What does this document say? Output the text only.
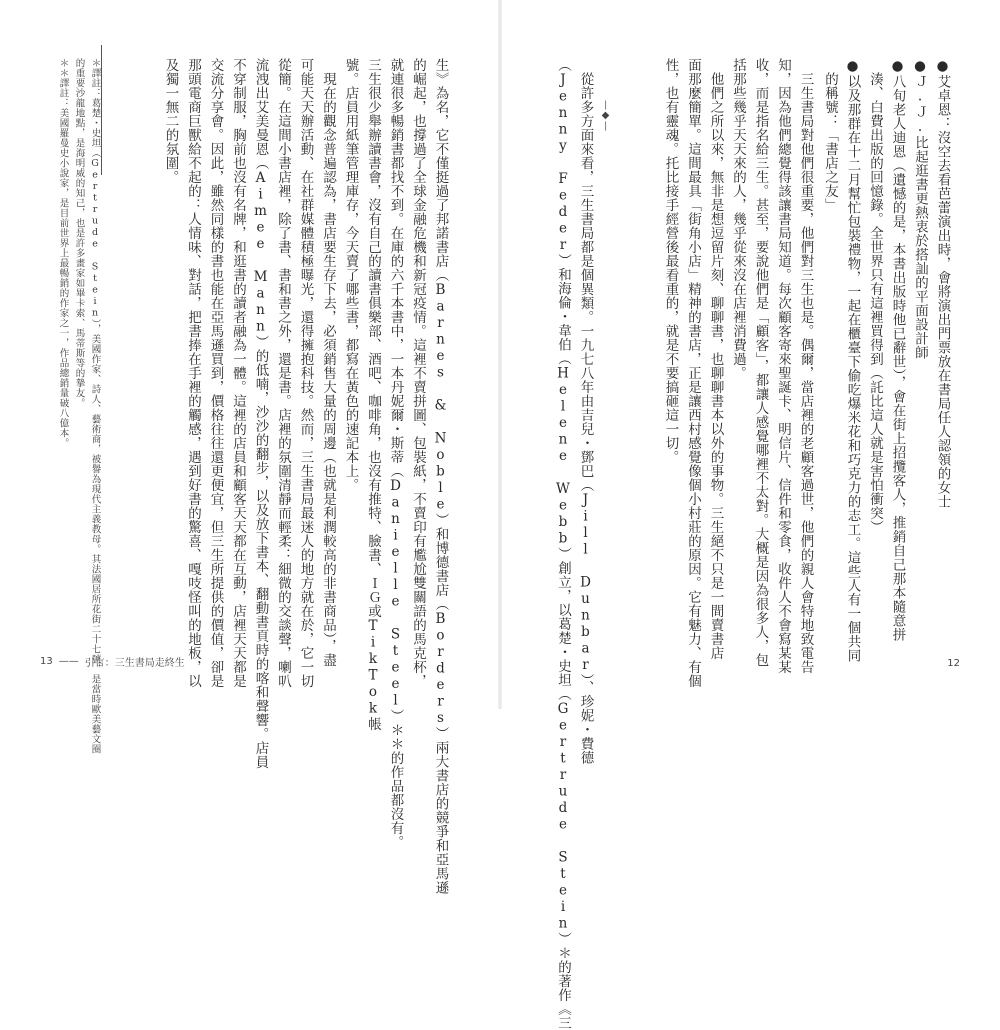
●艾卓恩：沒空去看芭蕾演出時，會將演出門票放在書局任人認領的女士
●Ｊ.Ｊ.比起逛書更熱衷於搭訕的平面設計師
●八旬老人迪恩（遺憾的是，本書出版時他已辭世），會在街上招攬客人，推銷自己那本隨意拼
　湊、白費出版的回憶錄。全世界只有這裡買得到（託比這人就是害怕衝突）
●以及那群在十二月幫忙包裝禮物，一起在櫃臺下偷吃爆米花和巧克力的志工。這些人有一個共同
　的稱號：「書店之友」
　三生書局對他們很重要，他們對三生也是。偶爾，當店裡的老顧客過世，他們的親人會特地致電告
知，因為他們總覺得該讓書局知道。每次顧客寄來聖誕卡、明信片、信件和零食，收件人不會寫某某
收，而是指名給三生。甚至，要說他們是「顧客」，都讓人感覺哪裡不太對。大概是因為很多人，包
括那些幾乎天天來的人，幾乎從來沒在店裡消費過。
　他們之所以來，無非是想逗留片刻、聊聊書，也聊聊書本以外的事物。三生絕不只是一間賣書店
面那麼簡單。這間最具「街角小店」精神的書店，正是讓西村感覺像個小村莊的原因。它有魅力、有個
性，也有靈魂。托比接手經營後最看重的，就是不要搞砸這一切。
—◆—
　從許多方面來看，三生書局都是個異類。一九七八年由吉兒・鄧巴（Jill Dunbar）、珍妮・費德
（Jenny Feder）和海倫・韋伯（Helene Webb）創立，以葛楚・史坦（Gertrude Stein）＊的著作《三	12
生》為名，它不僅挺過了邦諾書店（Barnes & Noble）和博德書店（Borders）兩大書店的競爭和亞馬遜
的崛起，也撐過了全球金融危機和新冠疫情。這裡不賣拼圖、包裝紙，不賣印有尷尬雙關語的馬克杯，
就連很多暢銷書都找不到。在庫的六千本書中，一本丹妮爾・斯蒂（Danielle Steel）＊＊的作品都沒有。
三生很少舉辦讀書會，沒有自己的讀書俱樂部、酒吧、咖啡角，也沒有推特、臉書、ＩＧ或TikTok帳
號。店員用紙筆管理庫存，今天賣了哪些書，都寫在黃色的速記本上。
　現在的觀念普遍認為，書店要生存下去，必須銷售大量的周邊（也就是利潤較高的非書商品），盡
可能天天辦活動、在社群媒體積極曝光，還得擁抱科技。然而，三生書局最迷人的地方就在於，它一切
從簡。在這間小書店裡，除了書、書和書之外，還是書。店裡的氛圍清靜而輕柔：細微的交談聲，喇叭
流洩出艾美曼恩（Aimee Mann）的低喃，沙沙的翻步，以及放下書本、翻動書頁時的喀和聲響。店員
不穿制服，胸前也沒有名牌，和逛書的讀者融為一體。這裡的店員和顧客天天都在互動，店裡天天都是
交流分享會。因此，雖然同樣的書也能在亞馬遜買到，價格往往還更便宜，但三生所提供的價值，卻是
那頭電商巨獸給不起的：人情味、對話，把書捧在手裡的觸感，遇到好書的驚喜、嘎吱怪叫的地板，以
及獨一無二的氛圍。
＊譯註：葛楚・史坦（Gertrude Stein），美國作家、詩人、藝術商，被譽為現代主義教母。其法國居所花街二十七號，是當時歐美藝文圈
的重要沙龍地點，是海明威的知己，也是許多畫家如畢卡索、馬蒂斯等的摯友。
＊＊譯註：美國羅曼史小說家，是目前世界上最暢銷的作家之一，作品總銷量破八億本。
13 —— 引言：三生書局走終生
